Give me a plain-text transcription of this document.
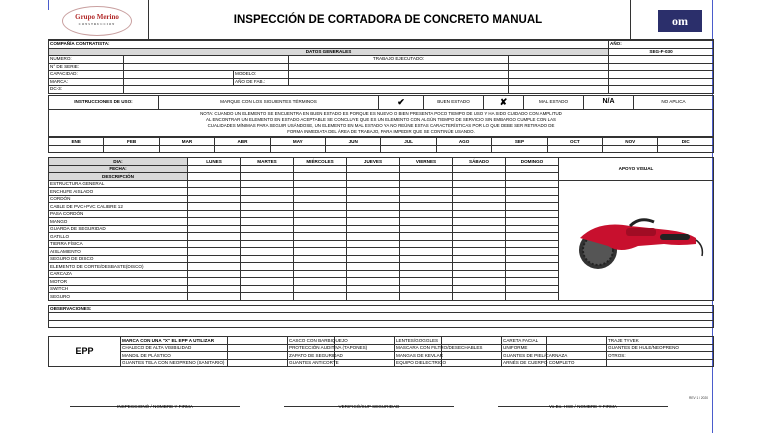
Grupo Merino
CONSTRUCCION	INSPECCIÓN DE CORTADORA DE CONCRETO MANUAL	om
COMPAÑÍA CONTRATISTA:					AÑO:
DATOS GENERALES					SEG-F-030
NUMERO:			TRABAJO EJECUTADO:		
N° DE SERIE:					
CAPACIDAD:		MODELO:			
MARCA:		AÑO DE FAB.:			
DC-3:					
INSTRUCCIONES DE USO:	MARQUE CON LOS SIGUIENTES TÉRMINOS	✔	BUEN ESTADO	✘	MAL ESTADO	N/A	NO APLICA

NOTA: CUANDO UN ELEMENTO SE ENCUENTRA EN BUEN ESTADO ES PORQUE ES NUEVO O BIEN PRESENTA POCO TIEMPO DE USO Y HA SIDO CUIDADO CON AMPLITUD
AL ENCONTRAR UN ELEMENTO EN ESTADO ACEPTABLE SE CONCLUYE QUE ES UN ELEMENTO CON ALGÚN TIEMPO DE SERVICIO SIN EMBARGO CUMPLE CON LAS
CUALIDADES MÍNIMAS PARA SEGUIR USÁNDOSE, UN ELEMENTO EN MAL ESTADO YA NO REÚNE ESTAS CARACTERÍSTICAS POR LO QUE DEBE SER RETIRADO DE
FORMA INMEDIATA DEL ÁREA DE TRABAJO, PARA IMPEDIR QUE SE CONTINÚE USANDO.
ENE	FEB	MAR	ABR	MAY	JUN	JUL	AGO	SEP	OCT	NOV	DIC

DIA:	LUNES	MARTES	MIÉRCOLES	JUEVES	VIERNES	SÁBADO	DOMINGO	APOYO VISUAL
FECHA:								
DESCRIPCIÓN								
ESTRUCTURA GENERAL								
ENCHUFE AISLADO								
CORDÓN								
CABLE DE PVC+PVC CALIBRE 12								
PASA CORDÓN								
MANGO								
GUARDA DE SEGURIDAD								
GATILLO								
TIERRA FÍSICA								
AISLAMIENTO								
SEGURO DE DISCO								
ELEMENTO DE CORTE/DESBASTE(DISCO)								
CARCAZA								
MOTOR								
SWITCH								
SEGURO								
OBSERVACIONES:

EPP	MARCA CON UNA "X" EL EPP A UTILIZAR		CASCO CON BARBIQUEJO		LENTES/GOGGLES		CARETA FACIAL		TRAJE TYVEK
	CHALECO DE ALTA VISIBILIDAD		PROTECCIÓN AUDITIVA (TAPONES)		MASCARA CON FILTRO/DESECHABLES		UNIFORME		GUANTES DE HULE/NEOPRENO
	MANDIL DE PLÁSTICO		ZAPATO DE SEGURIDAD		MANGAS DE KEVLAR		GUANTES DE PIEL/CARNAZA		OTROS:
	GUANTES TELA CON NEOPRENO (SANITARIO)		GUANTES ANTICORTE		EQUIPO DIELECTRICO		ARNÉS DE CUERPO COMPLETO		
REV 1 / 2020
INSPECCIONÓ / NOMBRE Y FIRMA	VERIFICÓ/SUP SEGURIDAD	Vo.Bo. HSE / NOMBRE Y FIRMA
